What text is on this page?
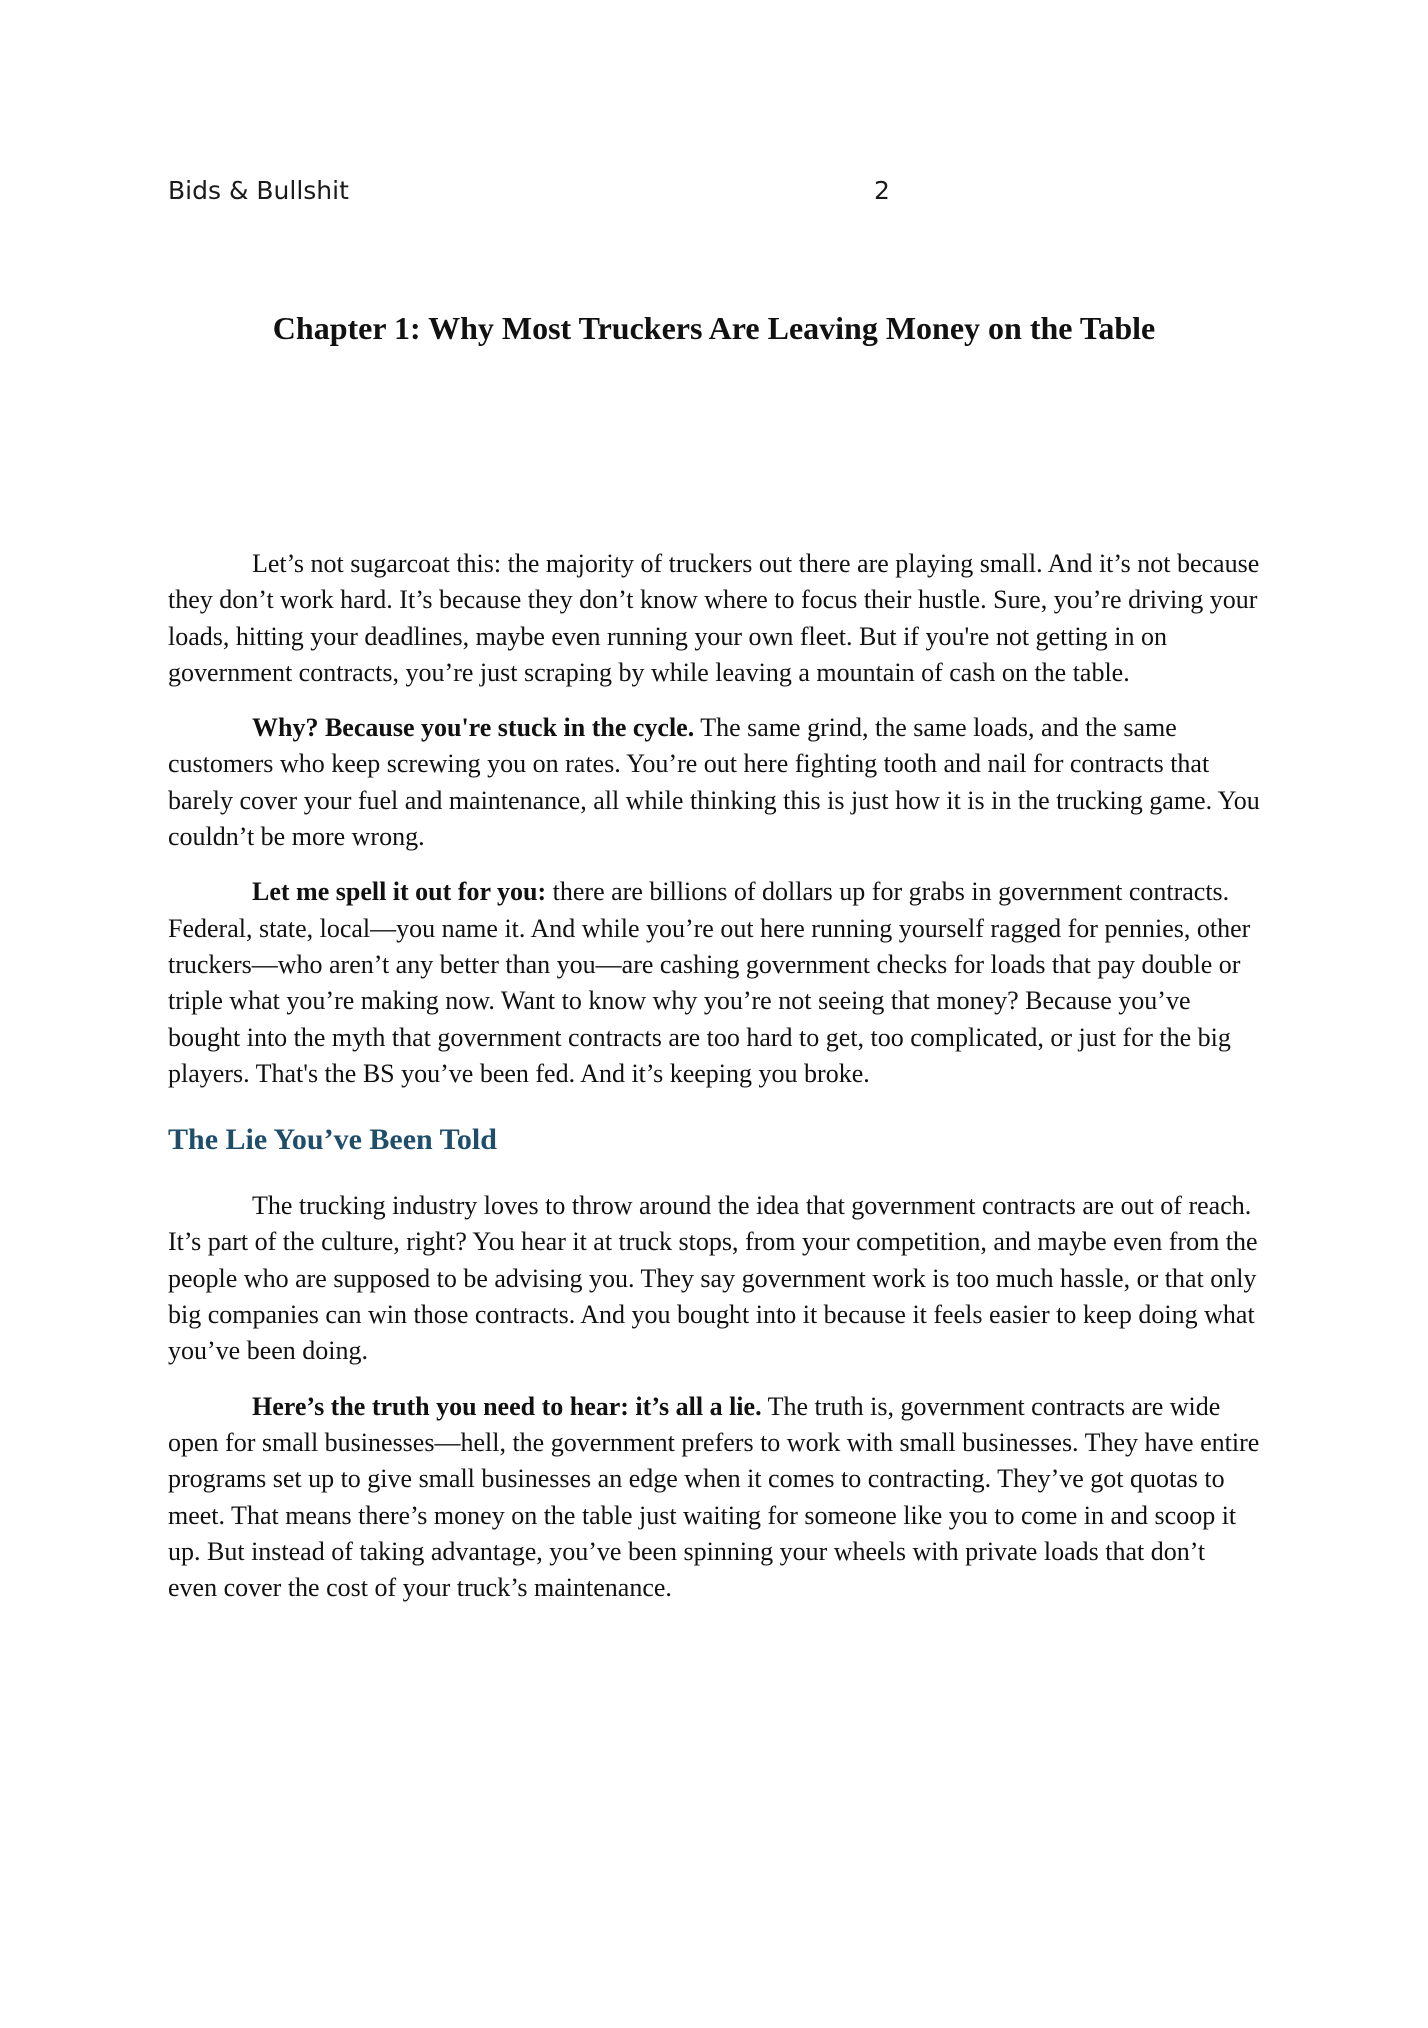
Bids & Bullshit	2
Chapter 1: Why Most Truckers Are Leaving Money on the Table

Let’s not sugarcoat this: the majority of truckers out there are playing small. And it’s not because they don’t work hard. It’s because they don’t know where to focus their hustle. Sure, you’re driving your loads, hitting your deadlines, maybe even running your own fleet. But if you're not getting in on government contracts, you’re just scraping by while leaving a mountain of cash on the table.

Why? Because you're stuck in the cycle. The same grind, the same loads, and the same customers who keep screwing you on rates. You’re out here fighting tooth and nail for contracts that barely cover your fuel and maintenance, all while thinking this is just how it is in the trucking game. You couldn’t be more wrong.

Let me spell it out for you: there are billions of dollars up for grabs in government contracts. Federal, state, local—you name it. And while you’re out here running yourself ragged for pennies, other truckers—who aren’t any better than you—are cashing government checks for loads that pay double or triple what you’re making now. Want to know why you’re not seeing that money? Because you’ve bought into the myth that government contracts are too hard to get, too complicated, or just for the big players. That's the BS you’ve been fed. And it’s keeping you broke.

The Lie You’ve Been Told

The trucking industry loves to throw around the idea that government contracts are out of reach. It’s part of the culture, right? You hear it at truck stops, from your competition, and maybe even from the people who are supposed to be advising you. They say government work is too much hassle, or that only big companies can win those contracts. And you bought into it because it feels easier to keep doing what you’ve been doing.

Here’s the truth you need to hear: it’s all a lie. The truth is, government contracts are wide open for small businesses—hell, the government prefers to work with small businesses. They have entire programs set up to give small businesses an edge when it comes to contracting. They’ve got quotas to meet. That means there’s money on the table just waiting for someone like you to come in and scoop it up. But instead of taking advantage, you’ve been spinning your wheels with private loads that don’t even cover the cost of your truck’s maintenance.
